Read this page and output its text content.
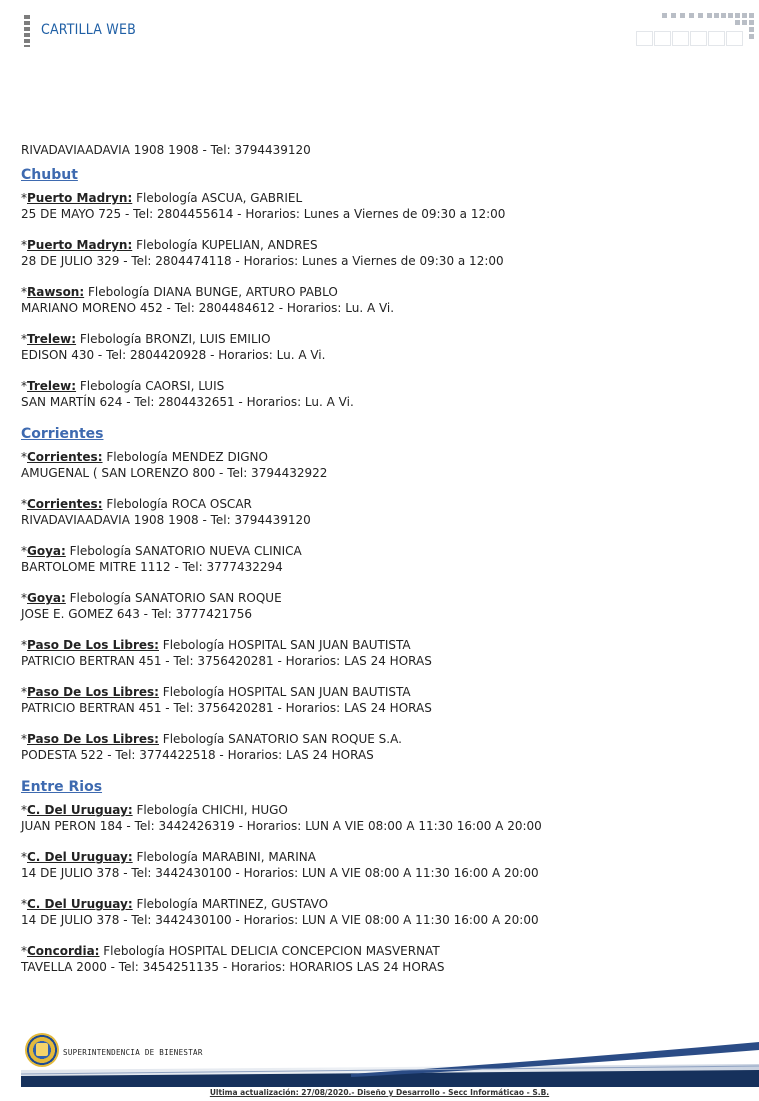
CARTILLA WEB

RIVADAVIAADAVIA 1908 1908 - Tel: 3794439120

Chubut

*Puerto Madryn: Flebología ASCUA, GABRIEL

25 DE MAYO 725 - Tel: 2804455614 - Horarios: Lunes a Viernes de 09:30 a 12:00

*Puerto Madryn: Flebología KUPELIAN, ANDRES

28 DE JULIO 329 - Tel: 2804474118 - Horarios: Lunes a Viernes de 09:30 a 12:00

*Rawson: Flebología DIANA BUNGE, ARTURO PABLO

MARIANO MORENO 452 - Tel: 2804484612 - Horarios: Lu. A Vi.

*Trelew: Flebología BRONZI, LUIS EMILIO

EDISON 430 - Tel: 2804420928 - Horarios: Lu. A Vi.

*Trelew: Flebología CAORSI, LUIS

SAN MARTÍN 624 - Tel: 2804432651 - Horarios: Lu. A Vi.

Corrientes

*Corrientes: Flebología MENDEZ DIGNO

AMUGENAL ( SAN LORENZO 800 - Tel: 3794432922

*Corrientes: Flebología ROCA OSCAR

RIVADAVIAADAVIA 1908 1908 - Tel: 3794439120

*Goya: Flebología SANATORIO NUEVA CLINICA

BARTOLOME MITRE 1112 - Tel: 3777432294

*Goya: Flebología SANATORIO SAN ROQUE

JOSE E. GOMEZ 643 - Tel: 3777421756

*Paso De Los Libres: Flebología HOSPITAL SAN JUAN BAUTISTA

PATRICIO BERTRAN 451 - Tel: 3756420281 - Horarios: LAS 24 HORAS

*Paso De Los Libres: Flebología HOSPITAL SAN JUAN BAUTISTA

PATRICIO BERTRAN 451 - Tel: 3756420281 - Horarios: LAS 24 HORAS

*Paso De Los Libres: Flebología SANATORIO SAN ROQUE S.A.

PODESTA 522 - Tel: 3774422518 - Horarios: LAS 24 HORAS

Entre Rios

*C. Del Uruguay: Flebología CHICHI, HUGO

JUAN PERON 184 - Tel: 3442426319 - Horarios: LUN A VIE 08:00 A 11:30 16:00 A 20:00

*C. Del Uruguay: Flebología MARABINI, MARINA

14 DE JULIO 378 - Tel: 3442430100 - Horarios: LUN A VIE 08:00 A 11:30 16:00 A 20:00

*C. Del Uruguay: Flebología MARTINEZ, GUSTAVO

14 DE JULIO 378 - Tel: 3442430100 - Horarios: LUN A VIE 08:00 A 11:30 16:00 A 20:00

*Concordia: Flebología HOSPITAL DELICIA CONCEPCION MASVERNAT

TAVELLA 2000 - Tel: 3454251135 - Horarios: HORARIOS LAS 24 HORAS

SUPERINTENDENCIA DE BIENESTAR
Ultima actualización: 27/08/2020.- Diseño y Desarrollo - Secc Informáticao - S.B.
